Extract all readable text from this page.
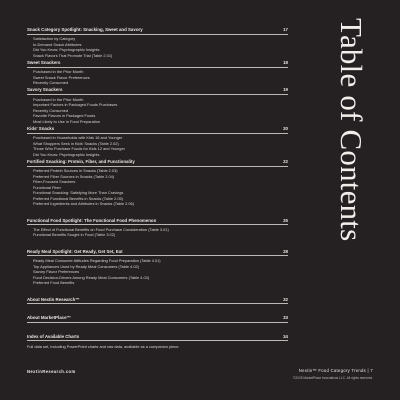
Table of Contents
Snack Category Spotlight: Snacking, Sweet and Savory	17
Satisfaction by Category
In-Demand Snack Attributes
Did You Know: Psychographic Insights
Snack Flavors That Promote Trial (Table 2.01)
Sweet Snackers	18
Purchased in the Prior Month
Sweet Snack Flavor Preferences
Recently Consumed
Savory Snackers	19
Purchased in the Prior Month
Important Factors in Packaged Foods Purchases
Recently Consumed
Favorite Flavors in Packaged Foods
Most Likely to Use in Food Preparation
Kids' Snacks	20
Purchased in Households with Kids 18 and Younger
What Shoppers Seek in Kids' Snacks (Table 2.02)
Those Who Purchase Foods for Kids 12 and Younger
Did You Know: Psychographic Insights
Fortified Snacking: Protein, Fiber, and Functionality	22
Preferred Protein Sources in Snacks (Table 2.03)
Preferred Fiber Sources in Snacks (Table 2.04)
Fiber-Focused Snackers
Functional Fiber
Functional Snacking: Satisfying More Than Cravings
Preferred Functional Benefits in Snacks (Table 2.05)
Preferred Ingredients and Attributes in Snacks (Table 2.06)
Functional Food Spotlight: The Functional Food Phenomenon	25
The Effect of Functional Benefits on Food Purchase Consideration (Table 3.01)
Functional Benefits Sought in Food (Table 3.02)
Ready Meal Spotlight: Get Ready, Get Set, Eat	28
Ready Meal Consumer Attitudes Regarding Food Preparation (Table 4.01)
Top Appliances Used by Ready Meal Consumers (Table 4.02)
Savory Flavor Preferences
Food Decision-Drivers Among Ready Meal Consumers (Table 4.03)
Preferred Food Benefits
About Nextin Research™	32
About MarketPlace™	33
Index of Available Charts	34
Full data set, including PowerPoint charts and raw data, available as a companion piece.
NextinResearch.com	Nextin™ Food Category Trends | 7
©2025 MarketPlace Innovations LLC. All rights reserved.
